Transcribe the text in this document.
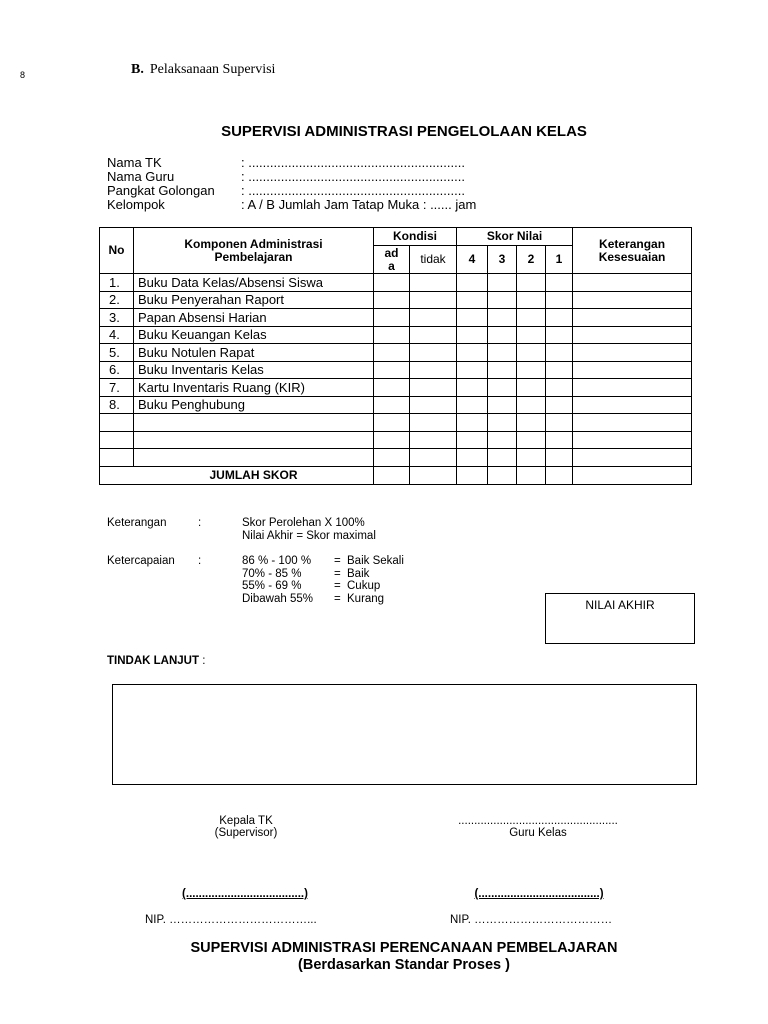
8	B. Pelaksanaan Supervisi
SUPERVISI ADMINISTRASI PENGELOLAAN KELAS
Nama TK	: ............................................................
Nama Guru	: ............................................................
Pangkat Golongan : ............................................................
Kelompok	: A / B Jumlah Jam Tatap Muka : ...... jam
No	Komponen Administrasi Pembelajaran	Kondisi		Skor Nilai				Keterangan Kesesuaian
		ad a	tidak	4	3	2	1	
1.	Buku Data Kelas/Absensi Siswa							
2.	Buku Penyerahan Raport							
3.	Papan Absensi Harian							
4.	Buku Keuangan Kelas							
5.	Buku Notulen Rapat							
6.	Buku Inventaris Kelas							
7.	Kartu Inventaris Ruang (KIR)							
8.	Buku Penghubung							

JUMLAH SKOR								
Keterangan	:	Skor Perolehan X 100%
Nilai Akhir = Skor maximal
Ketercapaian :	86 % - 100 % = Baik Sekali
70% - 85 %	= Baik
55% - 69 %	= Cukup
Dibawah 55% = Kurang	NILAI AKHIR
TINDAK LANJUT :
Kepala TK
(Supervisor)
..................................................
Guru Kelas
(.....................................)	(......................................)
NIP. ………………………………...	NIP. ………………………………
SUPERVISI ADMINISTRASI PERENCANAAN PEMBELAJARAN
(Berdasarkan Standar Proses )
